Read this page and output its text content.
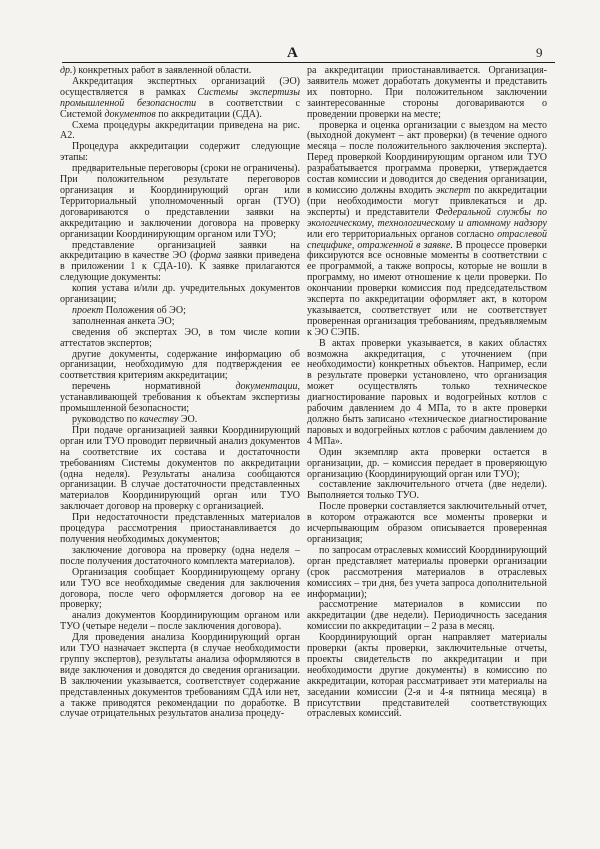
А	9

др.) конкретных работ в заявленной области.

Аккредитация экспертных организаций (ЭО) осуществляется в рамках Системы экспертизы промышленной безопасности в соответствии с Системой документов по аккредитации (СДА).

Схема процедуры аккредитации приведена на рис. А2.

Процедура аккредитации содержит следующие этапы:

предварительные переговоры (сроки не ограничены). При положительном результате переговоров организация и Координирующий орган или Территориальный уполномоченный орган (ТУО) договариваются о представлении заявки на аккредитацию и заключении договора на проверку организации Координирующим органом или ТУО;

представление организацией заявки на аккредитацию в качестве ЭО (форма заявки приведена в приложении 1 к СДА-10). К заявке прилагаются следующие документы:

копия устава и/или др. учредительных документов организации;

проект Положения об ЭО;

заполненная анкета ЭО;

сведения об экспертах ЭО, в том числе копии аттестатов экспертов;

другие документы, содержание информацию об организации, необходимую для подтверждения ее соответствия критериям аккредитации;

перечень нормативной документации, устанавливающей требования к объектам экспертизы промышленной безопасности;

руководство по качеству ЭО.

При подаче организацией заявки Координирующий орган или ТУО проводит первичный анализ документов на соответствие их состава и достаточности требованиям Системы документов по аккредитации (одна неделя). Результаты анализа сообщаются организации. В случае достаточности представленных материалов Координирующий орган или ТУО заключает договор на проверку с организацией.

При недостаточности представленных материалов процедура рассмотрения приостанавливается до получения необходимых документов;

заключение договора на проверку (одна неделя – после получения достаточного комплекта материалов).

Организация сообщает Координирующему органу или ТУО все необходимые сведения для заключения договора, после чего оформляется договор на ее проверку;

анализ документов Координирующим органом или ТУО (четыре недели – после заключения договора).

Для проведения анализа Координирующий орган или ТУО назначает эксперта (в случае необходимости группу экспертов), результаты анализа оформляются в виде заключения и доводятся до сведения организации. В заключении указывается, соответствует содержание представленных документов требованиям СДА или нет, а также приводятся рекомендации по доработке. В случае отрицательных результатов анализа процеду-

ра аккредитации приостанавливается. Организация-заявитель может доработать документы и представить их повторно. При положительном заключении заинтересованные стороны договариваются о проведении проверки на месте;

проверка и оценка организации с выездом на место (выходной документ – акт проверки) (в течение одного месяца – после положительного заключения эксперта). Перед проверкой Координирующим органом или ТУО разрабатывается программа проверки, утверждается состав комиссии и доводится до сведения организации, в комиссию должны входить эксперт по аккредитации (при необходимости могут привлекаться и др. эксперты) и представители Федеральной службы по экологическому, технологическому и атомному надзору или его территориальных органов согласно отраслевой специфике, отраженной в заявке. В процессе проверки фиксируются все основные моменты в соответствии с ее программой, а также вопросы, которые не вошли в программу, но имеют отношение к цели проверки. По окончании проверки комиссия под председательством эксперта по аккредитации оформляет акт, в котором указывается, соответствует или не соответствует проверенная организация требованиям, предъявляемым к ЭО СЭПБ.

В актах проверки указывается, в каких областях возможна аккредитация, с уточнением (при необходимости) конкретных объектов. Например, если в результате проверки установлено, что организация может осуществлять только техническое диагностирование паровых и водогрейных котлов с рабочим давлением до 4 МПа, то в акте проверки должно быть записано «техническое диагностирование паровых и водогрейных котлов с рабочим давлением до 4 МПа».

Один экземпляр акта проверки остается в организации, др. – комиссия передает в проверяющую организацию (Координирующий орган или ТУО);

составление заключительного отчета (две недели). Выполняется только ТУО.

После проверки составляется заключительный отчет, в котором отражаются все моменты проверки и исчерпывающим образом описывается проверенная организация;

по запросам отраслевых комиссий Координирующий орган представляет материалы проверки организации (срок рассмотрения материалов в отраслевых комиссиях – три дня, без учета запроса дополнительной информации);

рассмотрение материалов в комиссии по аккредитации (две недели). Периодичность заседания комиссии по аккредитации – 2 раза в месяц.

Координирующий орган направляет материалы проверки (акты проверки, заключительные отчеты, проекты свидетельств по аккредитации и при необходимости другие документы) в комиссию по аккредитации, которая рассматривает эти материалы на заседании комиссии (2-я и 4-я пятница месяца) в присутствии представителей соответствующих отраслевых комиссий.
